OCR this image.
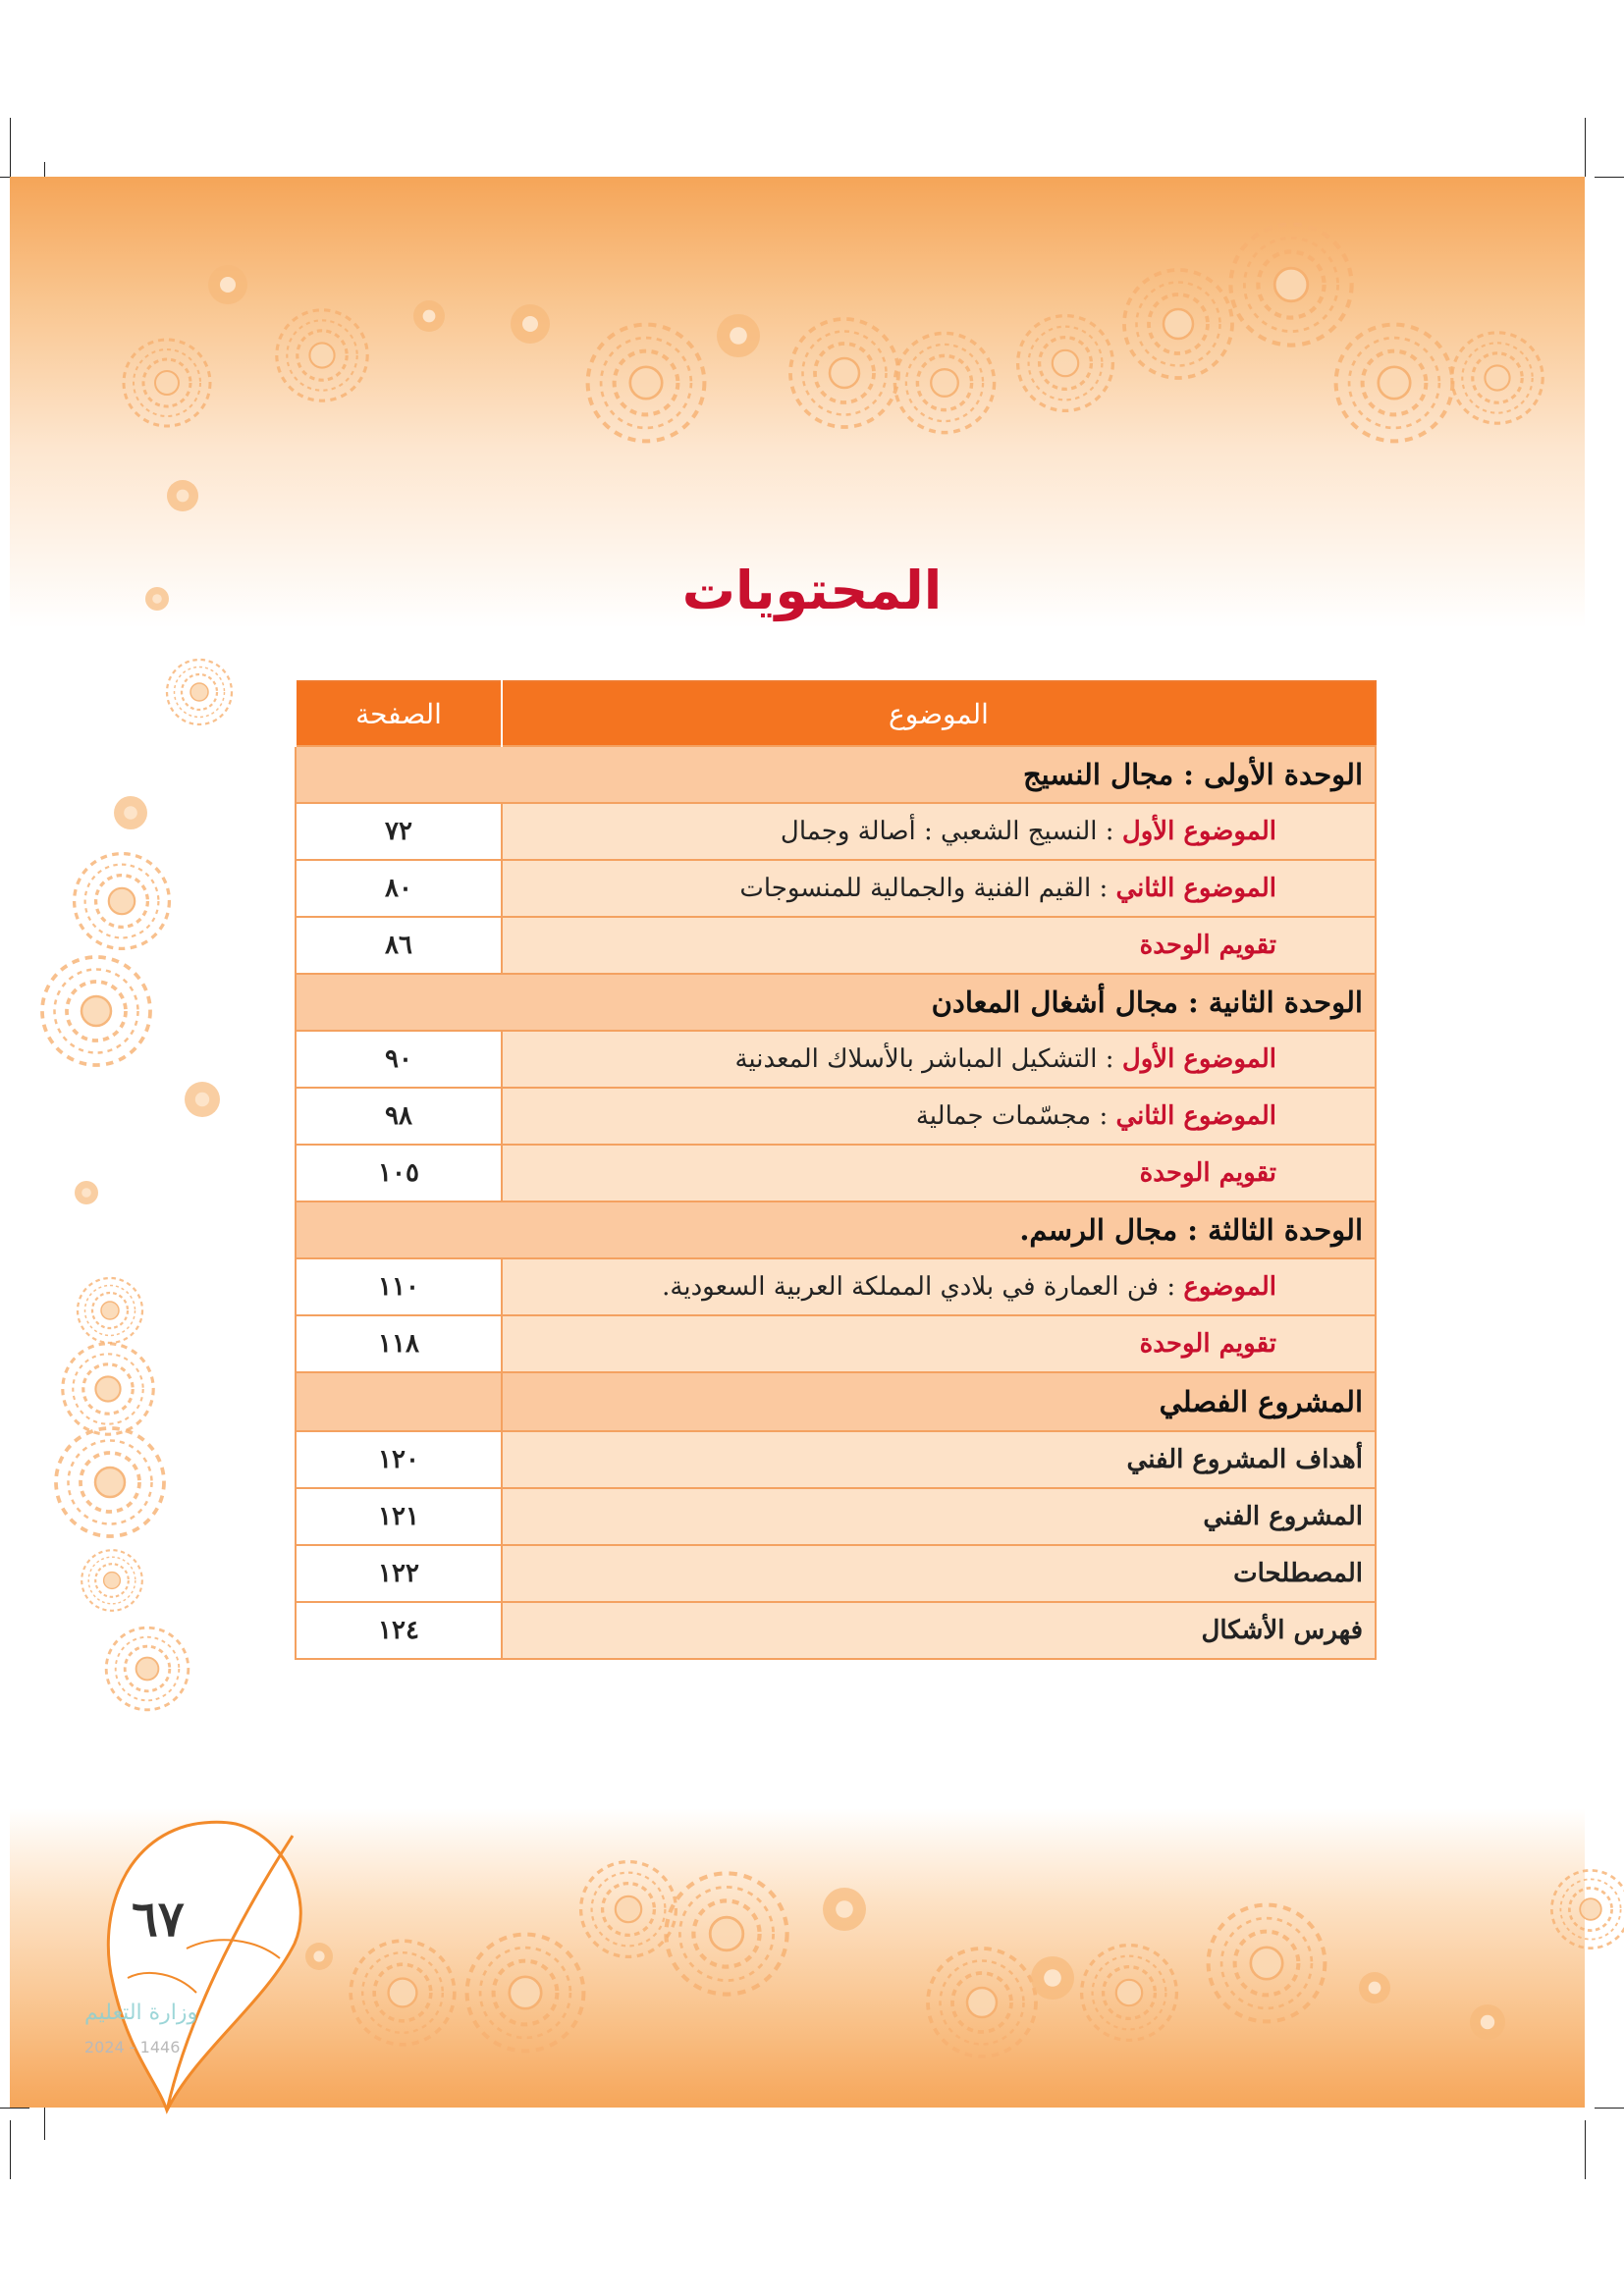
المحتويات
الموضوع	الصفحة
الوحدة الأولى : مجال النسيج	
الموضوع الأول : النسيج الشعبي : أصالة وجمال	٧٢
الموضوع الثاني : القيم الفنية والجمالية للمنسوجات	٨٠
تقويم الوحدة	٨٦
الوحدة الثانية : مجال أشغال المعادن	
الموضوع الأول : التشكيل المباشر بالأسلاك المعدنية	٩٠
الموضوع الثاني : مجسّمات جمالية	٩٨
تقويم الوحدة	١٠٥
الوحدة الثالثة : مجال الرسم.	
الموضوع : فن العمارة في بلادي المملكة العربية السعودية.	١١٠
تقويم الوحدة	١١٨
المشروع الفصلي	
أهداف المشروع الفني	١٢٠
المشروع الفني	١٢١
المصطلحات	١٢٢
فهرس الأشكال	١٢٤
٦٧
وزارة التعليم
2024 - 1446
